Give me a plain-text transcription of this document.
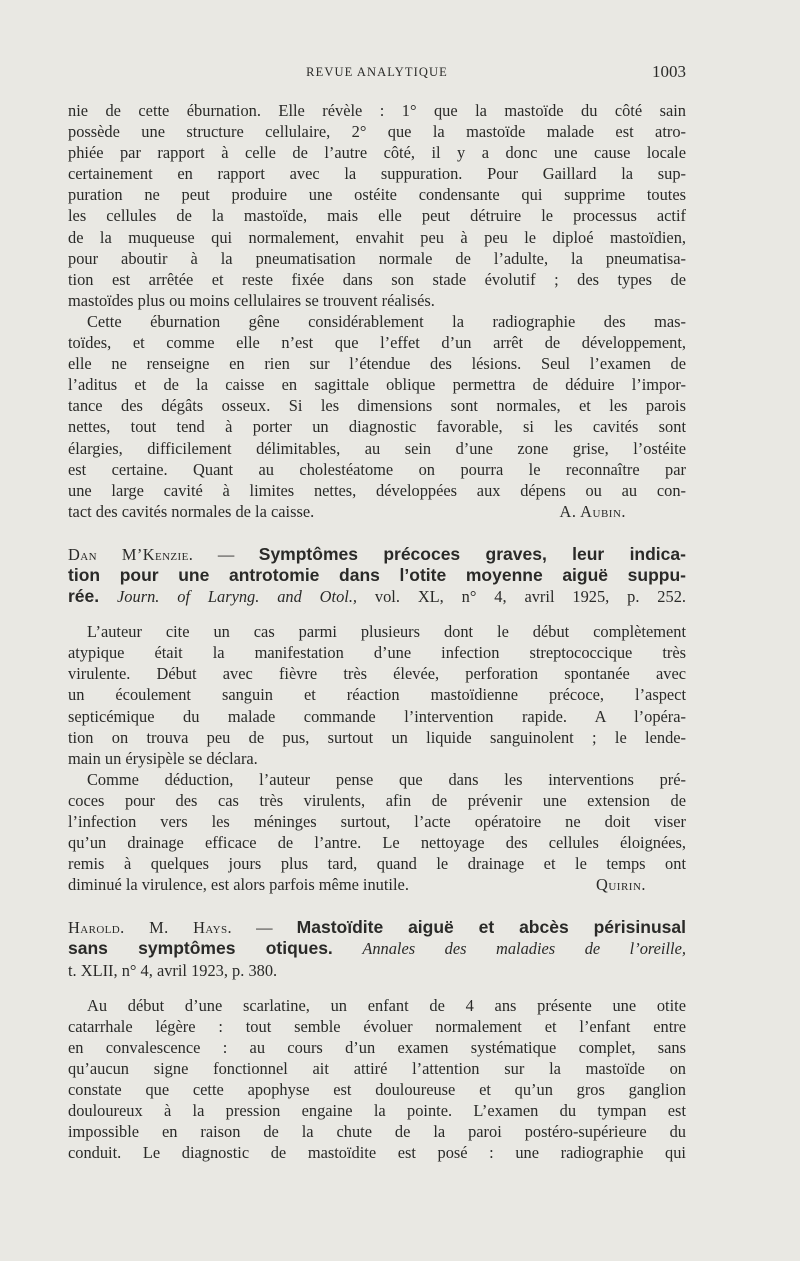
REVUE ANALYTIQUE	1003
nie de cette éburnation. Elle révèle : 1° que la mastoïde du côté sain
possède une structure cellulaire, 2° que la mastoïde malade est atro-
phiée par rapport à celle de l’autre côté, il y a donc une cause locale
certainement en rapport avec la suppuration. Pour Gaillard la sup-
puration ne peut produire une ostéite condensante qui supprime toutes
les cellules de la mastoïde, mais elle peut détruire le processus actif
de la muqueuse qui normalement, envahit peu à peu le diploé mastoïdien,
pour aboutir à la pneumatisation normale de l’adulte, la pneumatisa-
tion est arrêtée et reste fixée dans son stade évolutif ; des types de
mastoïdes plus ou moins cellulaires se trouvent réalisés.
Cette éburnation gêne considérablement la radiographie des mas-
toïdes, et comme elle n’est que l’effet d’un arrêt de développement,
elle ne renseigne en rien sur l’étendue des lésions. Seul l’examen de
l’aditus et de la caisse en sagittale oblique permettra de déduire l’impor-
tance des dégâts osseux. Si les dimensions sont normales, et les parois
nettes, tout tend à porter un diagnostic favorable, si les cavités sont
élargies, difficilement délimitables, au sein d’une zone grise, l’ostéite
est certaine. Quant au cholestéatome on pourra le reconnaître par
une large cavité à limites nettes, développées aux dépens ou au con-
tact des cavités normales de la caisse.	A. Aubin.
Dan M’Kenzie. — Symptômes précoces graves, leur indica-
tion pour une antrotomie dans l’otite moyenne aiguë suppu-
rée. Journ. of Laryng. and Otol., vol. XL, n° 4, avril 1925, p. 252.
L’auteur cite un cas parmi plusieurs dont le début complètement
atypique était la manifestation d’une infection streptococcique très
virulente. Début avec fièvre très élevée, perforation spontanée avec
un écoulement sanguin et réaction mastoïdienne précoce, l’aspect
septicémique du malade commande l’intervention rapide. A l’opéra-
tion on trouva peu de pus, surtout un liquide sanguinolent ; le lende-
main un érysipèle se déclara.
Comme déduction, l’auteur pense que dans les interventions pré-
coces pour des cas très virulents, afin de prévenir une extension de
l’infection vers les méninges surtout, l’acte opératoire ne doit viser
qu’un drainage efficace de l’antre. Le nettoyage des cellules éloignées,
remis à quelques jours plus tard, quand le drainage et le temps ont
diminué la virulence, est alors parfois même inutile.	Quirin.
Harold. M. Hays. — Mastoïdite aiguë et abcès périsinusal
sans symptômes otiques. Annales des maladies de l’oreille,
t. XLII, n° 4, avril 1923, p. 380.
Au début d’une scarlatine, un enfant de 4 ans présente une otite
catarrhale légère : tout semble évoluer normalement et l’enfant entre
en convalescence : au cours d’un examen systématique complet, sans
qu’aucun signe fonctionnel ait attiré l’attention sur la mastoïde on
constate que cette apophyse est douloureuse et qu’un gros ganglion
douloureux à la pression engaine la pointe. L’examen du tympan est
impossible en raison de la chute de la paroi postéro-supérieure du
conduit. Le diagnostic de mastoïdite est posé : une radiographie qui
